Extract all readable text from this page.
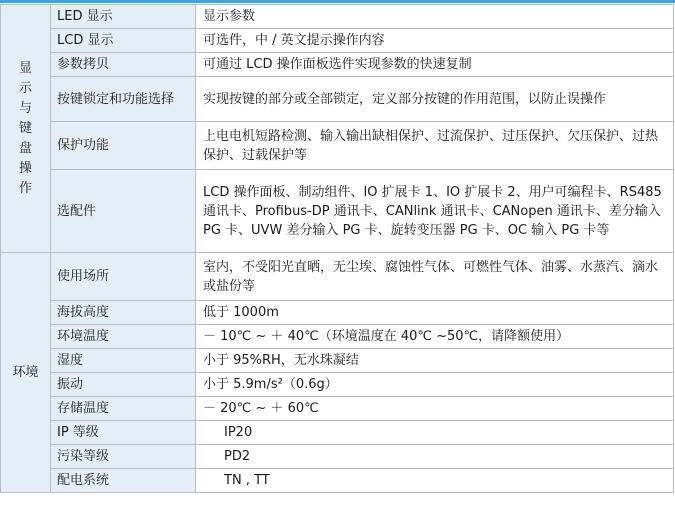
显示与键盘操作	LED 显示	显示参数
	LCD 显示	可选件，中 / 英文提示操作内容
	参数拷贝	可通过 LCD 操作面板选件实现参数的快速复制
	按键锁定和功能选择	实现按键的部分或全部锁定，定义部分按键的作用范围，以防止误操作
	保护功能	上电电机短路检测、输入输出缺相保护、过流保护、过压保护、欠压保护、过热保护、过载保护等
	选配件	LCD 操作面板、制动组件、IO 扩展卡 1、IO 扩展卡 2、用户可编程卡、RS485 通讯卡、Profibus-DP 通讯卡、CANlink 通讯卡、CANopen 通讯卡、差分输入 PG 卡、UVW 差分输入 PG 卡、旋转变压器 PG 卡、OC 输入 PG 卡等
环境	使用场所	室内，不受阳光直晒，无尘埃、腐蚀性气体、可燃性气体、油雾、水蒸汽、滴水或盐份等
	海拔高度	低于 1000m
	环境温度	－ 10℃ ~ ＋ 40℃（环境温度在 40℃ ~50℃，请降额使用）
	湿度	小于 95%RH，无水珠凝结
	振动	小于 5.9m/s²（0.6g）
	存储温度	－ 20℃ ~ ＋ 60℃
	IP 等级	IP20
	污染等级	PD2
	配电系统	TN , TT
